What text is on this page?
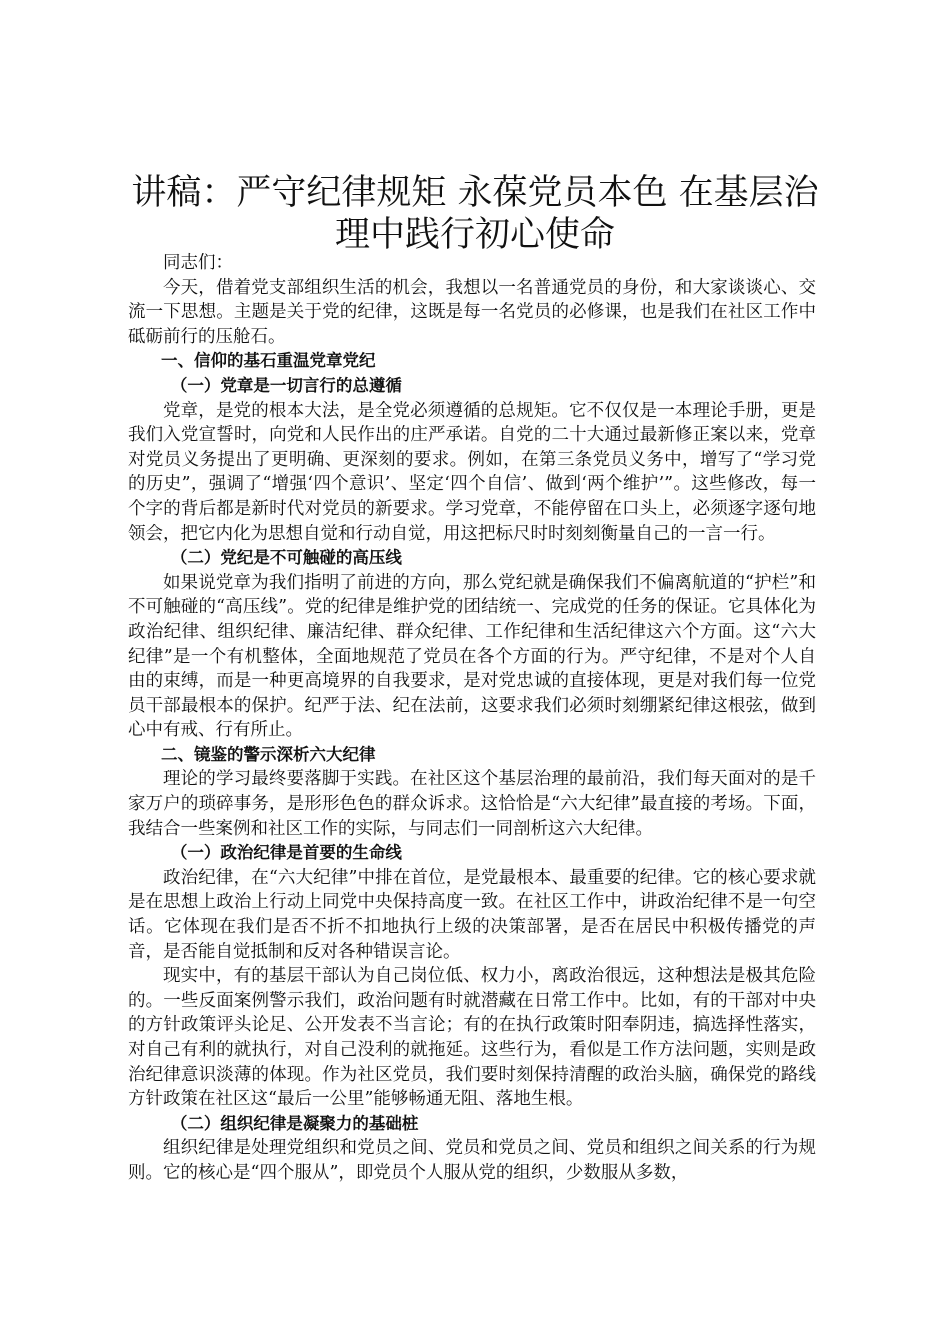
讲稿：严守纪律规矩 永葆党员本色 在基层治理中践行初心使命

同志们：

今天，借着党支部组织生活的机会，我想以一名普通党员的身份，和大家谈谈心、交流一下思想。主题是关于党的纪律，这既是每一名党员的必修课，也是我们在社区工作中砥砺前行的压舱石。

一、信仰的基石重温党章党纪

（一）党章是一切言行的总遵循

党章，是党的根本大法，是全党必须遵循的总规矩。它不仅仅是一本理论手册，更是我们入党宣誓时，向党和人民作出的庄严承诺。自党的二十大通过最新修正案以来，党章对党员义务提出了更明确、更深刻的要求。例如，在第三条党员义务中，增写了“学习党的历史”，强调了“增强‘四个意识’、坚定‘四个自信’、做到‘两个维护’”。这些修改，每一个字的背后都是新时代对党员的新要求。学习党章，不能停留在口头上，必须逐字逐句地领会，把它内化为思想自觉和行动自觉，用这把标尺时时刻刻衡量自己的一言一行。

（二）党纪是不可触碰的高压线

如果说党章为我们指明了前进的方向，那么党纪就是确保我们不偏离航道的“护栏”和不可触碰的“高压线”。党的纪律是维护党的团结统一、完成党的任务的保证。它具体化为政治纪律、组织纪律、廉洁纪律、群众纪律、工作纪律和生活纪律这六个方面。这“六大纪律”是一个有机整体，全面地规范了党员在各个方面的行为。严守纪律，不是对个人自由的束缚，而是一种更高境界的自我要求，是对党忠诚的直接体现，更是对我们每一位党员干部最根本的保护。纪严于法、纪在法前，这要求我们必须时刻绷紧纪律这根弦，做到心中有戒、行有所止。

二、镜鉴的警示深析六大纪律

理论的学习最终要落脚于实践。在社区这个基层治理的最前沿，我们每天面对的是千家万户的琐碎事务，是形形色色的群众诉求。这恰恰是“六大纪律”最直接的考场。下面，我结合一些案例和社区工作的实际，与同志们一同剖析这六大纪律。

（一）政治纪律是首要的生命线

政治纪律，在“六大纪律”中排在首位，是党最根本、最重要的纪律。它的核心要求就是在思想上政治上行动上同党中央保持高度一致。在社区工作中，讲政治纪律不是一句空话。它体现在我们是否不折不扣地执行上级的决策部署，是否在居民中积极传播党的声音，是否能自觉抵制和反对各种错误言论。

现实中，有的基层干部认为自己岗位低、权力小，离政治很远，这种想法是极其危险的。一些反面案例警示我们，政治问题有时就潜藏在日常工作中。比如，有的干部对中央的方针政策评头论足、公开发表不当言论；有的在执行政策时阳奉阴违，搞选择性落实，对自己有利的就执行，对自己没利的就拖延。这些行为，看似是工作方法问题，实则是政治纪律意识淡薄的体现。作为社区党员，我们要时刻保持清醒的政治头脑，确保党的路线方针政策在社区这“最后一公里”能够畅通无阻、落地生根。

（二）组织纪律是凝聚力的基础桩

组织纪律是处理党组织和党员之间、党员和党员之间、党员和组织之间关系的行为规则。它的核心是“四个服从”，即党员个人服从党的组织，少数服从多数，
